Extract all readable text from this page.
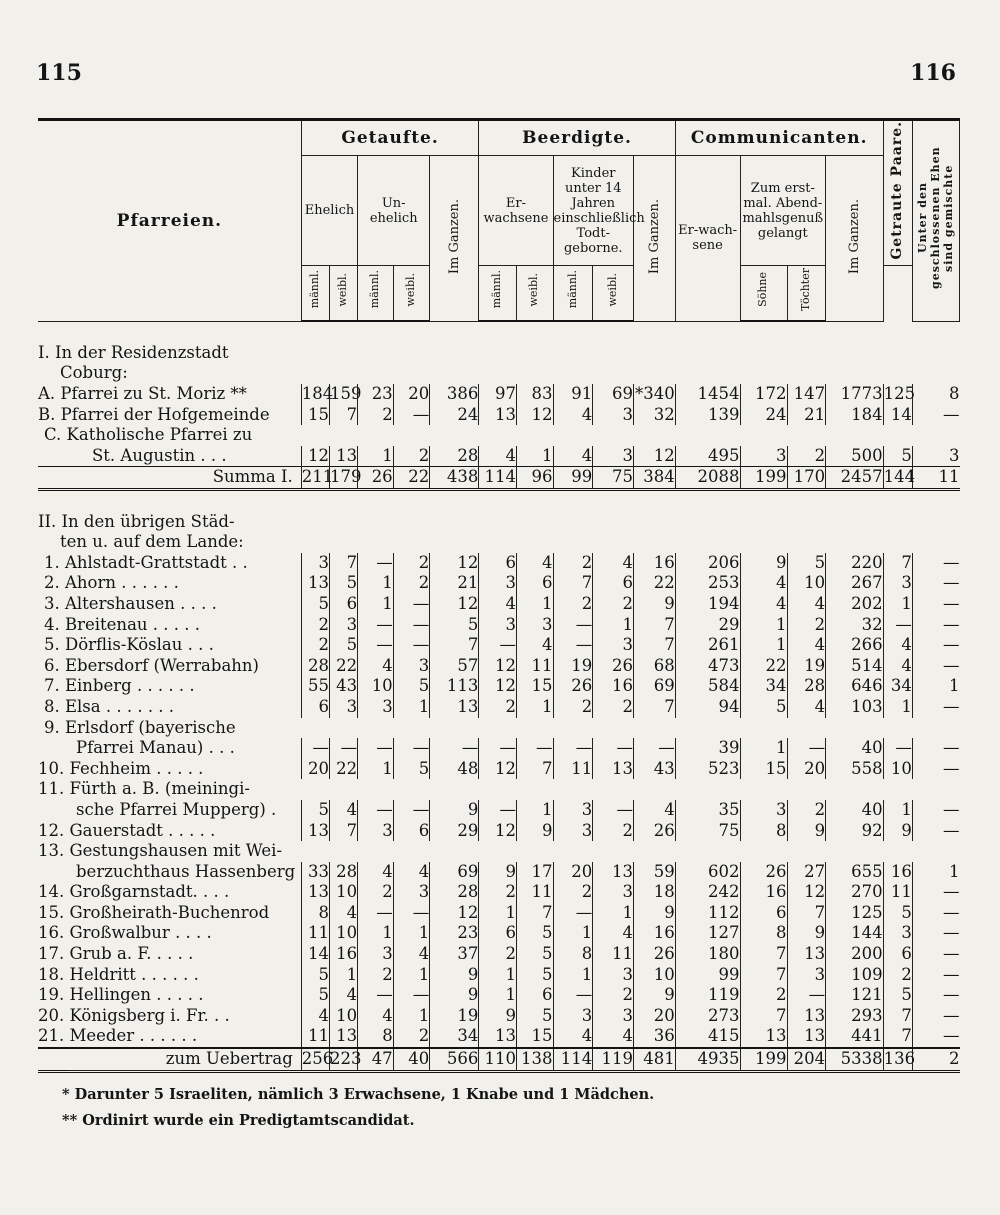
115	116
Pfarreien.	Getaufte.					Beerdigte.					Communicanten.				Getraute Paare.	Unter den geschlossenen Ehen sind gemischte
	Ehelich		Un-ehelich		Im Ganzen.	Er-wachsene		Kinder unter 14 Jahren einschließlich Todt-geborne.		Im Ganzen.	Er-wach-sene	Zum erst-mal. Abend-mahlsgenuß gelangt		Im Ganzen.		
	männl.	weibl.	männl.	weibl.		männl.	weibl.	männl.	weibl.			Söhne	Töchter			

I. In der Residenzstadt																
Coburg:																
A. Pfarrei zu St. Moriz **	184	159	23	20	386	97	83	91	69	*340	1454	172	147	1773	125	8
B. Pfarrei der Hofgemeinde	15	7	2	—	24	13	12	4	3	32	139	24	21	184	14	—
C. Katholische Pfarrei zu																
St. Augustin . . .	12	13	1	2	28	4	1	4	3	12	495	3	2	500	5	3
Summa I.	211	179	26	22	438	114	96	99	75	384	2088	199	170	2457	144	11

II. In den übrigen Städ-																
ten u. auf dem Lande:																
1. Ahlstadt-Grattstadt . .	3	7	—	2	12	6	4	2	4	16	206	9	5	220	7	—
2. Ahorn . . . . . .	13	5	1	2	21	3	6	7	6	22	253	4	10	267	3	—
3. Altershausen . . . .	5	6	1	—	12	4	1	2	2	9	194	4	4	202	1	—
4. Breitenau . . . . .	2	3	—	—	5	3	3	—	1	7	29	1	2	32	—	—
5. Dörflis-Köslau . . .	2	5	—	—	7	—	4	—	3	7	261	1	4	266	4	—
6. Ebersdorf (Werrabahn)	28	22	4	3	57	12	11	19	26	68	473	22	19	514	4	—
7. Einberg . . . . . .	55	43	10	5	113	12	15	26	16	69	584	34	28	646	34	1
8. Elsa . . . . . . .	6	3	3	1	13	2	1	2	2	7	94	5	4	103	1	—
9. Erlsdorf (bayerische																
Pfarrei Manau) . . .	—	—	—	—	—	—	—	—	—	—	39	1	—	40	—	—
10. Fechheim . . . . .	20	22	1	5	48	12	7	11	13	43	523	15	20	558	10	—
11. Fürth a. B. (meiningi-																
sche Pfarrei Mupperg) .	5	4	—	—	9	—	1	3	—	4	35	3	2	40	1	—
12. Gauerstadt . . . . .	13	7	3	6	29	12	9	3	2	26	75	8	9	92	9	—
13. Gestungshausen mit Wei-																
berzuchthaus Hassenberg	33	28	4	4	69	9	17	20	13	59	602	26	27	655	16	1
14. Großgarnstadt. . . .	13	10	2	3	28	2	11	2	3	18	242	16	12	270	11	—
15. Großheirath-Buchenrod	8	4	—	—	12	1	7	—	1	9	112	6	7	125	5	—
16. Großwalbur . . . .	11	10	1	1	23	6	5	1	4	16	127	8	9	144	3	—
17. Grub a. F. . . . .	14	16	3	4	37	2	5	8	11	26	180	7	13	200	6	—
18. Heldritt . . . . . .	5	1	2	1	9	1	5	1	3	10	99	7	3	109	2	—
19. Hellingen . . . . .	5	4	—	—	9	1	6	—	2	9	119	2	—	121	5	—
20. Königsberg i. Fr. . .	4	10	4	1	19	9	5	3	3	20	273	7	13	293	7	—
21. Meeder . . . . . .	11	13	8	2	34	13	15	4	4	36	415	13	13	441	7	—
zum Uebertrag	256	223	47	40	566	110	138	114	119	481	4935	199	204	5338	136	2
* Darunter 5 Israeliten, nämlich 3 Erwachsene, 1 Knabe und 1 Mädchen.
** Ordinirt wurde ein Predigtamtscandidat.
